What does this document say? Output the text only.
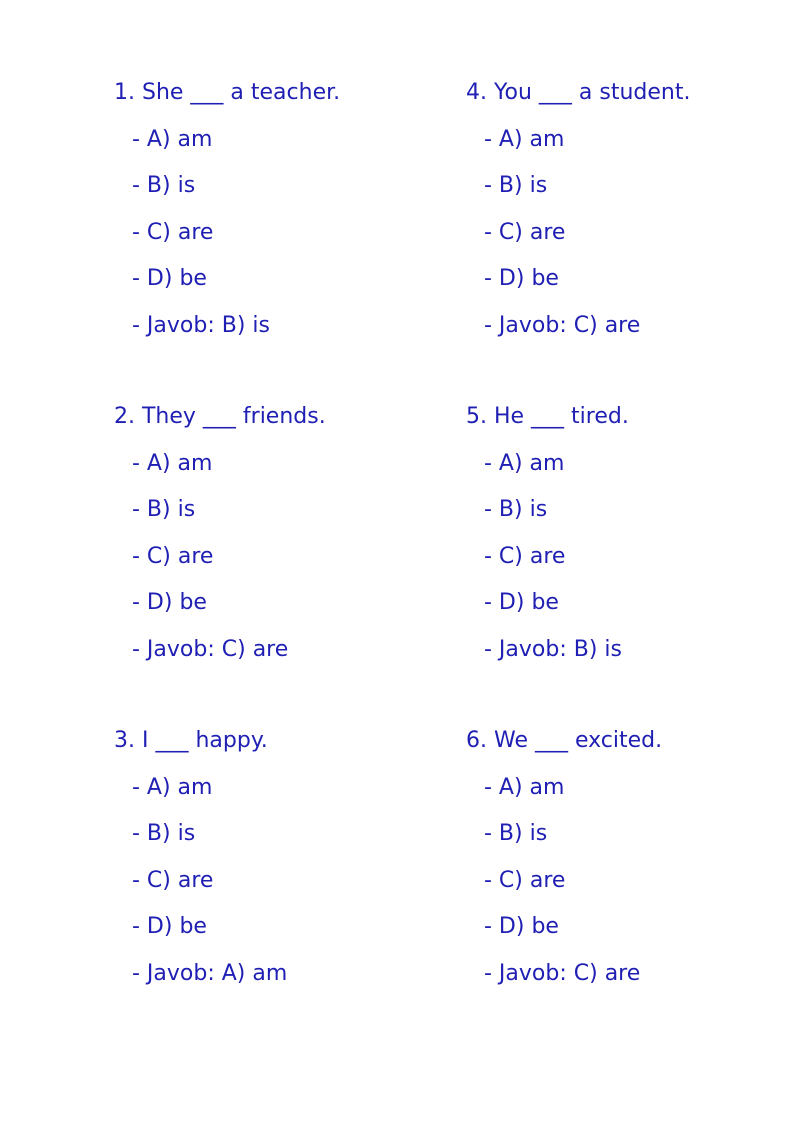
1. She ___ a teacher.
- A) am
- B) is
- C) are
- D) be
- Javob: B) is
2. They ___ friends.
- A) am
- B) is
- C) are
- D) be
- Javob: C) are
3. I ___ happy.
- A) am
- B) is
- C) are
- D) be
- Javob: A) am
4. You ___ a student.
- A) am
- B) is
- C) are
- D) be
- Javob: C) are
5. He ___ tired.
- A) am
- B) is
- C) are
- D) be
- Javob: B) is
6. We ___ excited.
- A) am
- B) is
- C) are
- D) be
- Javob: C) are
